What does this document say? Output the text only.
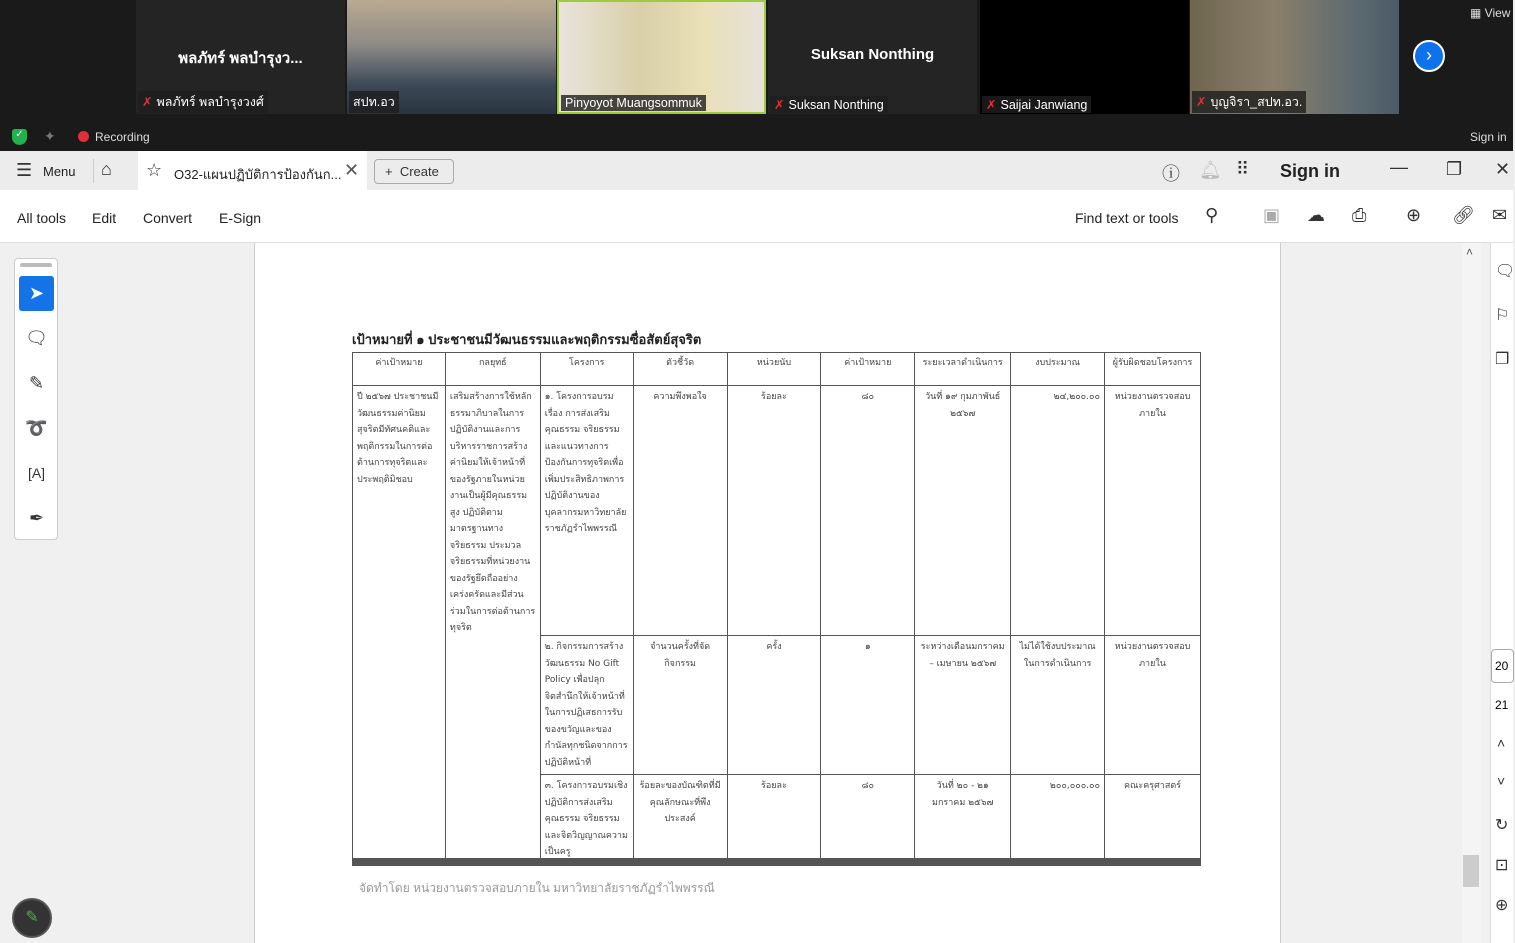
พลภัทร์ พลบำรุงว...
✗ พลภัทร์ พลบำรุงวงศ์	สปท.อว	Pinyoyot Muangsommuk
Suksan Nonthing
✗ Suksan Nonthing	✗ Saijai Janwiang	✗ บุญจิรา_สปท.อว.
›
▦ View
✓ ✦	Recording	Sign in
☰ Menu ⌂ ☆ O32-แผนปฏิบัติการป้องกันก... ✕	+  Create	ⓘ 🔔︎ ⠿ Sign in	— ❐ ✕
All tools Edit Convert E-Sign	Find text or tools ⚲ ▣ ☁ ⎙ ⊕ 🔗︎ ✉
➤
🗨︎
✎
➰
[A]
✒
✎
เป้าหมายที่ ๑ ประชาชนมีวัฒนธรรมและพฤติกรรมซื่อสัตย์สุจริต
ค่าเป้าหมาย	กลยุทธ์	โครงการ	ตัวชี้วัด	หน่วยนับ	ค่าเป้าหมาย	ระยะเวลาดำเนินการ	งบประมาณ	ผู้รับผิดชอบโครงการ
ปี ๒๕๖๗ ประชาชนมีวัฒนธรรมค่านิยมสุจริตมีทัศนคติและพฤติกรรมในการต่อต้านการทุจริตและประพฤติมิชอบ	เสริมสร้างการใช้หลักธรรมาภิบาลในการปฏิบัติงานและการบริหารราชการสร้างค่านิยมให้เจ้าหน้าที่ของรัฐภายในหน่วยงานเป็นผู้มีคุณธรรมสูง ปฏิบัติตามมาตรฐานทางจริยธรรม ประมวลจริยธรรมที่หน่วยงานของรัฐยึดถืออย่างเคร่งครัดและมีส่วนร่วมในการต่อต้านการทุจริต	๑. โครงการอบรมเรื่อง การส่งเสริมคุณธรรม จริยธรรมและแนวทางการป้องกันการทุจริตเพื่อเพิ่มประสิทธิภาพการปฏิบัติงานของบุคลากรมหาวิทยาลัยราชภัฏรำไพพรรณี	ความพึงพอใจ	ร้อยละ	๘๐	วันที่ ๑๙ กุมภาพันธ์ ๒๕๖๗	๒๔,๒๐๐.๐๐	หน่วยงานตรวจสอบภายใน
		๒. กิจกรรมการสร้างวัฒนธรรม No Gift Policy เพื่อปลุกจิตสำนึกให้เจ้าหน้าที่ในการปฏิเสธการรับของขวัญและของกำนัลทุกชนิดจากการปฏิบัติหน้าที่	จำนวนครั้งที่จัดกิจกรรม	ครั้ง	๑	ระหว่างเดือนมกราคม – เมษายน ๒๕๖๗	ไม่ได้ใช้งบประมาณในการดำเนินการ	หน่วยงานตรวจสอบภายใน
		๓. โครงการอบรมเชิงปฏิบัติการส่งเสริมคุณธรรม จริยธรรมและจิตวิญญาณความเป็นครู	ร้อยละของบัณฑิตที่มีคุณลักษณะที่พึงประสงค์	ร้อยละ	๘๐	วันที่ ๒๐ - ๒๑ มกราคม ๒๕๖๗	๒๐๐,๐๐๐.๐๐	คณะครุศาสตร์
จัดทำโดย หน่วยงานตรวจสอบภายใน มหาวิทยาลัยราชภัฏรำไพพรรณี
˄
🗨︎
⚐
❐
20
21
˄
˅
↻
⊡
⊕
